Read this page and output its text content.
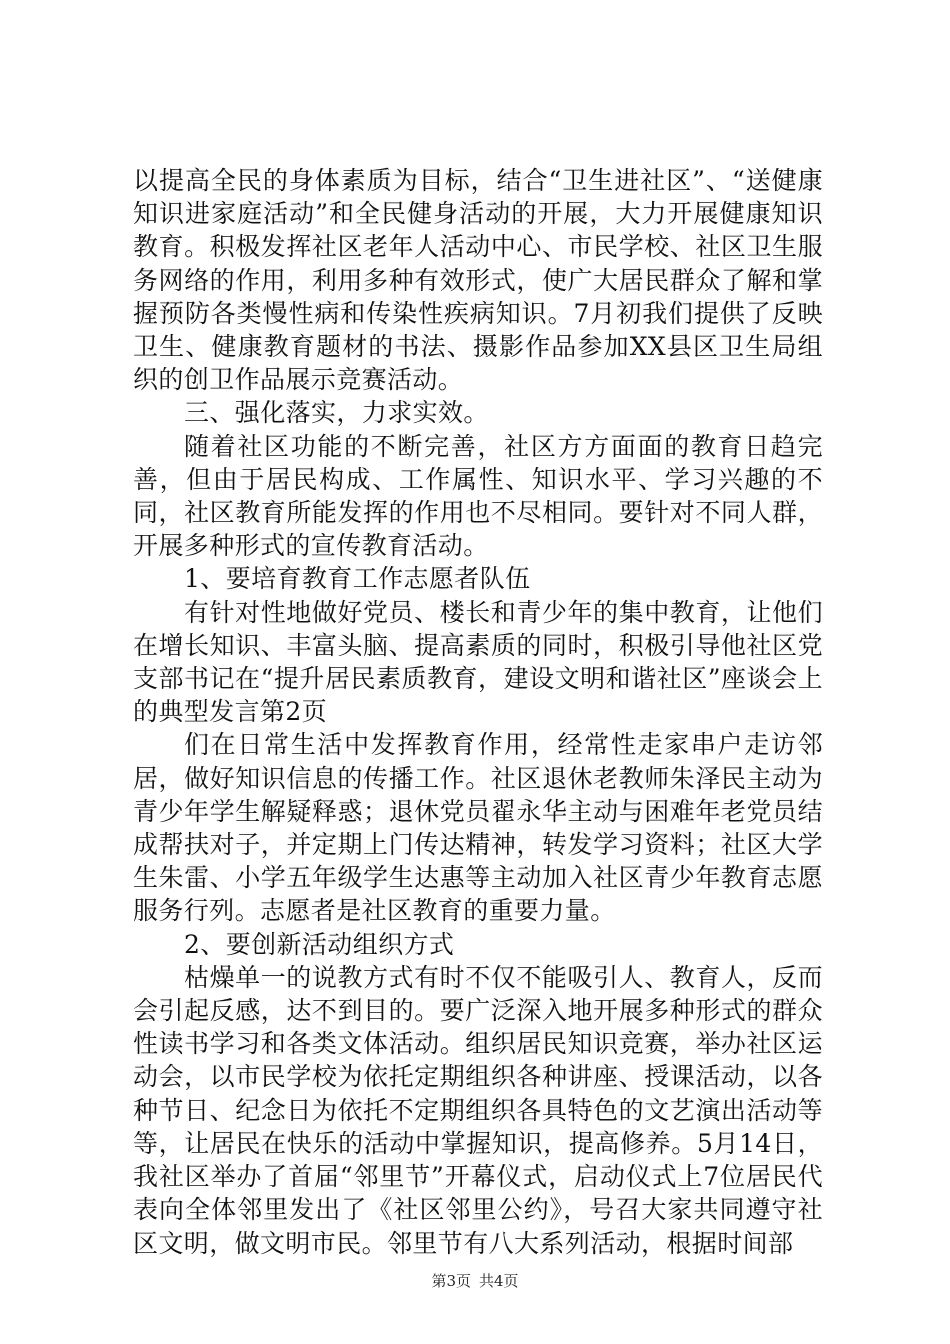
以提高全民的身体素质为目标，结合“卫生进社区”、“送健康知识进家庭活动”和全民健身活动的开展，大力开展健康知识教育。积极发挥社区老年人活动中心、市民学校、社区卫生服务网络的作用，利用多种有效形式，使广大居民群众了解和掌握预防各类慢性病和传染性疾病知识。7月初我们提供了反映卫生、健康教育题材的书法、摄影作品参加XX县区卫生局组织的创卫作品展示竞赛活动。

三、强化落实，力求实效。

随着社区功能的不断完善，社区方方面面的教育日趋完善，但由于居民构成、工作属性、知识水平、学习兴趣的不同，社区教育所能发挥的作用也不尽相同。要针对不同人群，开展多种形式的宣传教育活动。

1、要培育教育工作志愿者队伍

有针对性地做好党员、楼长和青少年的集中教育，让他们在增长知识、丰富头脑、提高素质的同时，积极引导他社区党支部书记在“提升居民素质教育，建设文明和谐社区”座谈会上的典型发言第2页

们在日常生活中发挥教育作用，经常性走家串户走访邻居，做好知识信息的传播工作。社区退休老教师朱泽民主动为青少年学生解疑释惑；退休党员翟永华主动与困难年老党员结成帮扶对子，并定期上门传达精神，转发学习资料；社区大学生朱雷、小学五年级学生达惠等主动加入社区青少年教育志愿服务行列。志愿者是社区教育的重要力量。

2、要创新活动组织方式

枯燥单一的说教方式有时不仅不能吸引人、教育人，反而会引起反感，达不到目的。要广泛深入地开展多种形式的群众性读书学习和各类文体活动。组织居民知识竞赛，举办社区运动会，以市民学校为依托定期组织各种讲座、授课活动，以各种节日、纪念日为依托不定期组织各具特色的文艺演出活动等等，让居民在快乐的活动中掌握知识，提高修养。5月14日，我社区举办了首届“邻里节”开幕仪式，启动仪式上7位居民代表向全体邻里发出了《社区邻里公约》，号召大家共同遵守社区文明，做文明市民。邻里节有八大系列活动，根据时间部

第3页 共4页
